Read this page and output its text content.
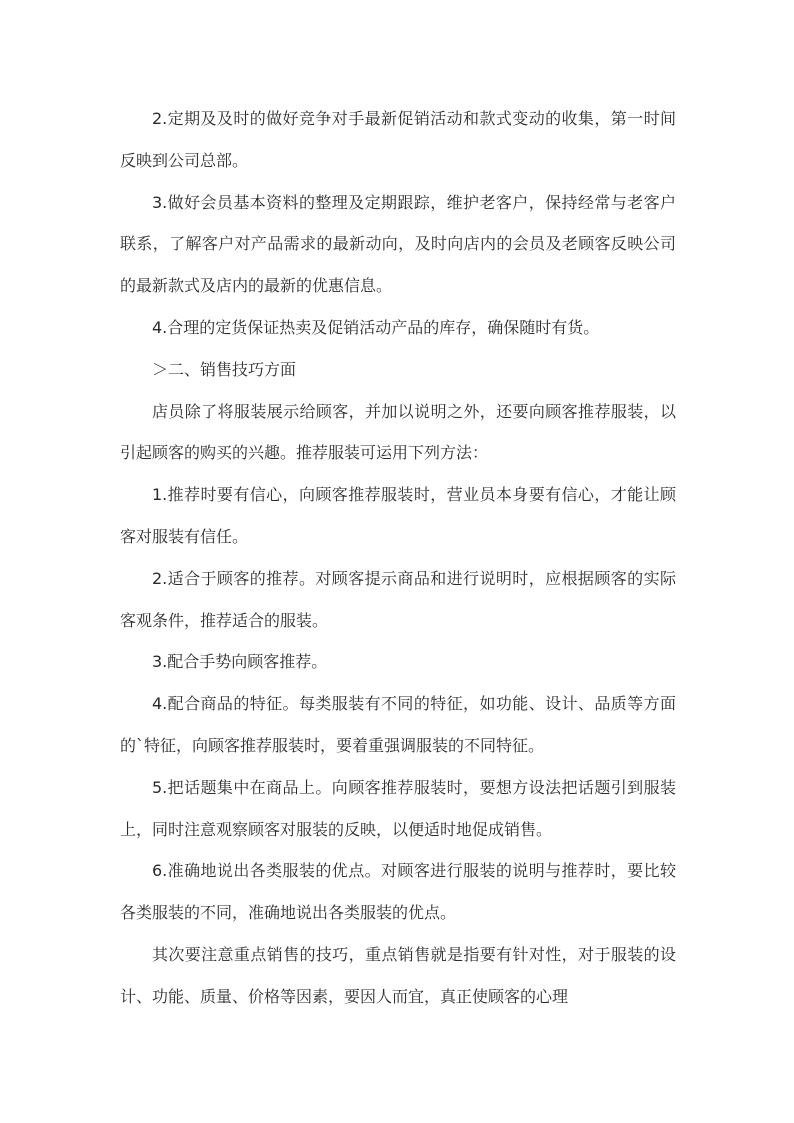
2.定期及及时的做好竞争对手最新促销活动和款式变动的收集，第一时间反映到公司总部。

3.做好会员基本资料的整理及定期跟踪，维护老客户，保持经常与老客户联系，了解客户对产品需求的最新动向，及时向店内的会员及老顾客反映公司的最新款式及店内的最新的优惠信息。

4.合理的定货保证热卖及促销活动产品的库存，确保随时有货。

＞二、销售技巧方面

店员除了将服装展示给顾客，并加以说明之外，还要向顾客推荐服装，以引起顾客的购买的兴趣。推荐服装可运用下列方法：

1.推荐时要有信心，向顾客推荐服装时，营业员本身要有信心，才能让顾客对服装有信任。

2.适合于顾客的推荐。对顾客提示商品和进行说明时，应根据顾客的实际客观条件，推荐适合的服装。

3.配合手势向顾客推荐。

4.配合商品的特征。每类服装有不同的特征，如功能、设计、品质等方面的`特征，向顾客推荐服装时，要着重强调服装的不同特征。

5.把话题集中在商品上。向顾客推荐服装时，要想方设法把话题引到服装上，同时注意观察顾客对服装的反映，以便适时地促成销售。

6.准确地说出各类服装的优点。对顾客进行服装的说明与推荐时，要比较各类服装的不同，准确地说出各类服装的优点。

其次要注意重点销售的技巧，重点销售就是指要有针对性，对于服装的设计、功能、质量、价格等因素，要因人而宜，真正使顾客的心理
